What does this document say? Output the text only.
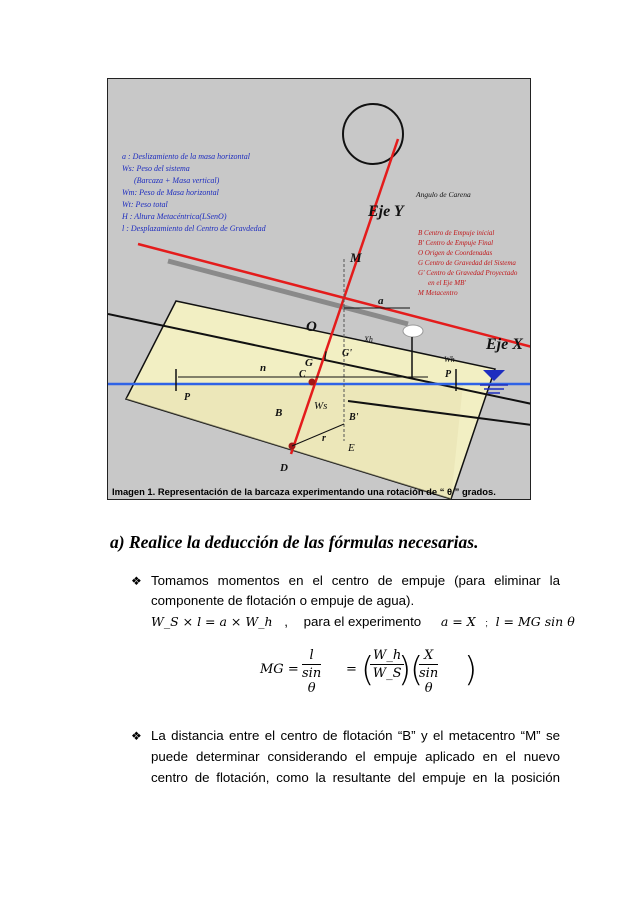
a : Deslizamiento de la masa horizontal
Ws: Peso del sistema
(Barcaza + Masa vertical)
Wm: Peso de Masa horizontal
Wt: Peso total
H : Altura Metacéntrica(LSenO)
l : Desplazamiento del Centro de Gravdedad	B Centro de Empuje inicial
B' Centro de Empuje Final
O Origen de Coordenadas
G Centro de Gravedad del Sistema
G' Centro de Gravedad Proyectado
en el Eje MB'
M Metacentro
Angulo de Carena
Eje Y
Eje X
M
a
O
Xh
Wh
G'
G
l
n
C
P
P
Ws
B	B'
r
E
D
Imagen 1. Representación de la barcaza experimentando una rotación de “ θ ” grados.
a) Realice la deducción de las fórmulas necesarias.
❖ Tomamos momentos en el centro de empuje (para eliminar la
componente de flotación o empuje de agua).
W_S × l = a × W_h , para el experimento a = X ; l = MG sin θ
MG = $\frac{l}{\text{sin θ}}$ = (
$\frac{W\_h}{W\_S}$
)
(
$\frac{X}{\text{sin θ}}$ )
❖ La distancia entre el centro de flotación “B” y el metacentro “M” se
puede determinar considerando el empuje aplicado en el nuevo
centro de flotación, como la resultante del empuje en la posición
